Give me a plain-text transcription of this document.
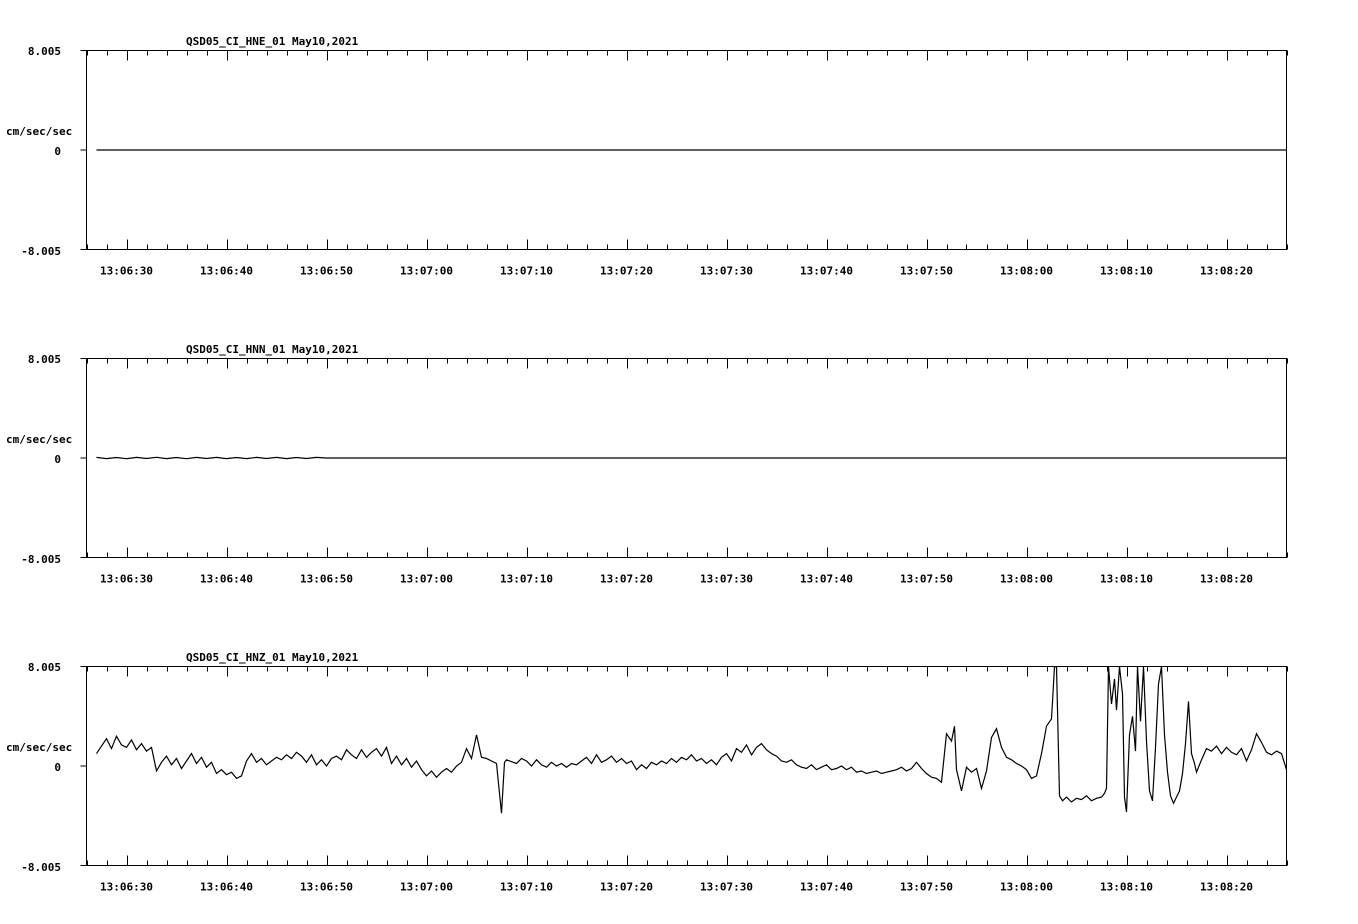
QSD05_CI_HNE_01 May10,2021
cm/sec/sec
8.005
0
-8.005
13:06:30	13:06:40	13:06:50	13:07:00	13:07:10	13:07:20	13:07:30	13:07:40	13:07:50	13:08:00	13:08:10	13:08:20
QSD05_CI_HNN_01 May10,2021
cm/sec/sec
8.005
0
-8.005
13:06:30	13:06:40	13:06:50	13:07:00	13:07:10	13:07:20	13:07:30	13:07:40	13:07:50	13:08:00	13:08:10	13:08:20
QSD05_CI_HNZ_01 May10,2021
cm/sec/sec
8.005
0
-8.005
13:06:30	13:06:40	13:06:50	13:07:00	13:07:10	13:07:20	13:07:30	13:07:40	13:07:50	13:08:00	13:08:10	13:08:20
